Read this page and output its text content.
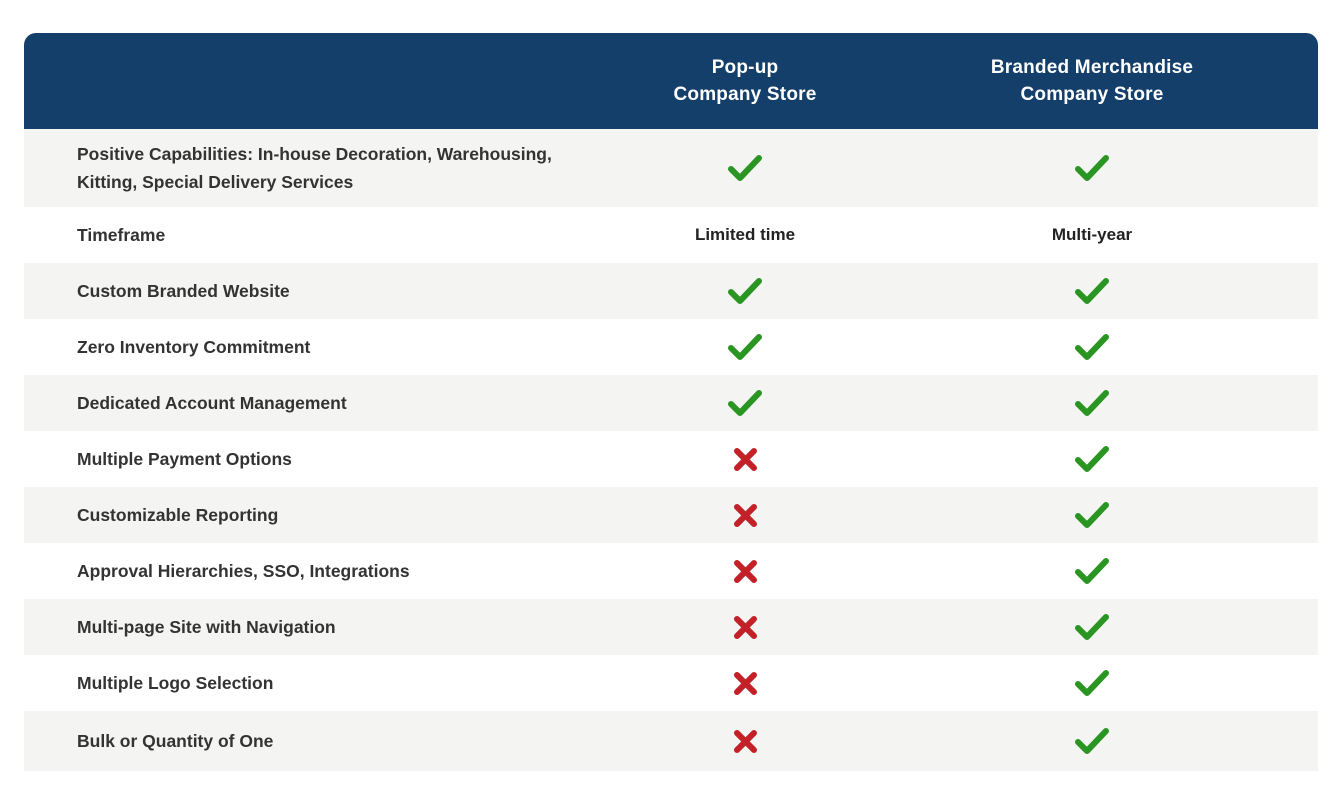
Pop-up
Company Store
Branded Merchandise
Company Store
Positive Capabilities: In-house Decoration, Warehousing, Kitting, Special Delivery Services
Timeframe	Limited time	Multi-year
Custom Branded Website
Zero Inventory Commitment
Dedicated Account Management
Multiple Payment Options
Customizable Reporting
Approval Hierarchies, SSO, Integrations
Multi-page Site with Navigation
Multiple Logo Selection
Bulk or Quantity of One
